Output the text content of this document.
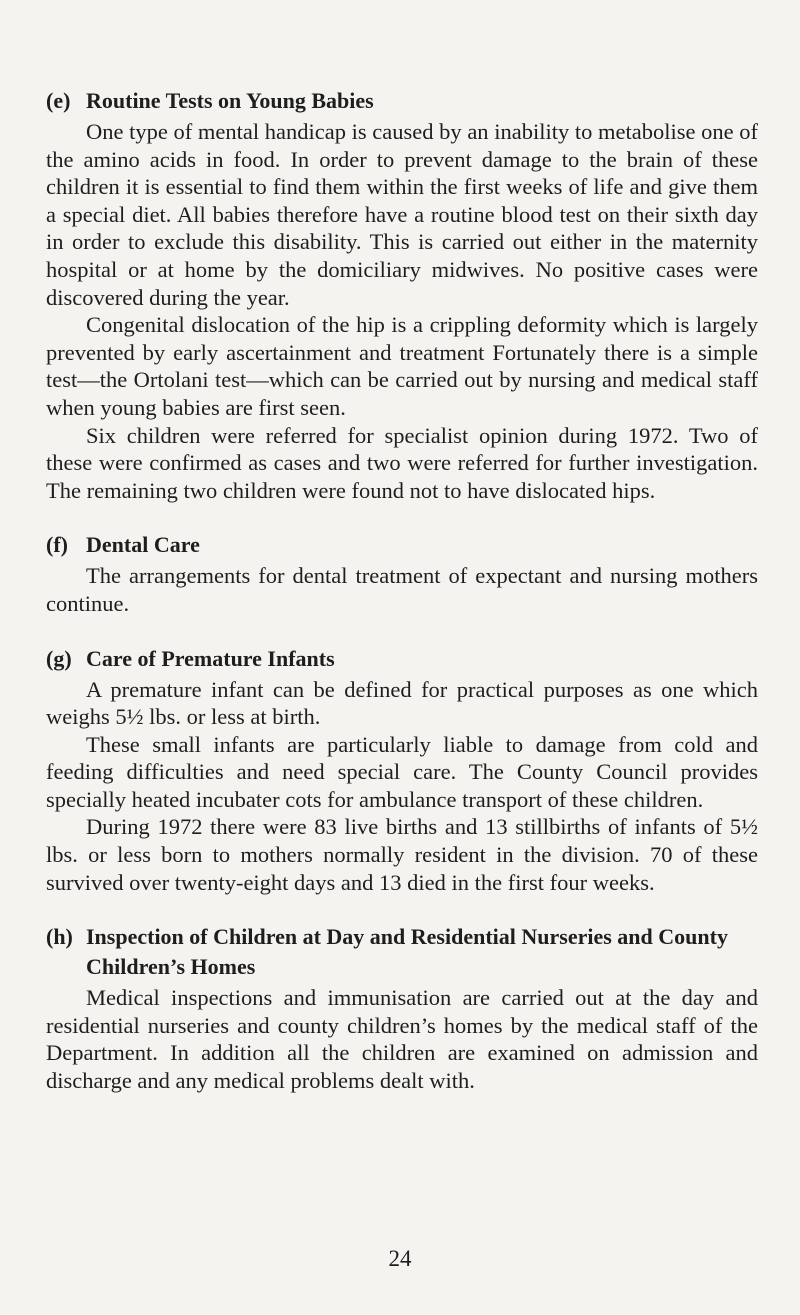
(e) Routine Tests on Young Babies

One type of mental handicap is caused by an inability to metabolise one of the amino acids in food. In order to prevent damage to the brain of these children it is essential to find them within the first weeks of life and give them a special diet. All babies therefore have a routine blood test on their sixth day in order to exclude this disability. This is carried out either in the maternity hospital or at home by the domiciliary midwives. No positive cases were discovered during the year.

Congenital dislocation of the hip is a crippling deformity which is largely prevented by early ascertainment and treatment Fortunately there is a simple test—the Ortolani test—which can be carried out by nursing and medical staff when young babies are first seen.

Six children were referred for specialist opinion during 1972. Two of these were confirmed as cases and two were referred for further investigation. The remaining two children were found not to have dislocated hips.

(f) Dental Care

The arrangements for dental treatment of expectant and nursing mothers continue.

(g) Care of Premature Infants

A premature infant can be defined for practical purposes as one which weighs 5½ lbs. or less at birth.

These small infants are particularly liable to damage from cold and feeding difficulties and need special care. The County Council provides specially heated incubater cots for ambulance transport of these children.

During 1972 there were 83 live births and 13 stillbirths of infants of 5½ lbs. or less born to mothers normally resident in the division. 70 of these survived over twenty-eight days and 13 died in the first four weeks.

(h) Inspection of Children at Day and Residential Nurseries and County Children’s Homes

Medical inspections and immunisation are carried out at the day and residential nurseries and county children’s homes by the medical staff of the Department. In addition all the children are examined on admission and discharge and any medical problems dealt with.

24
